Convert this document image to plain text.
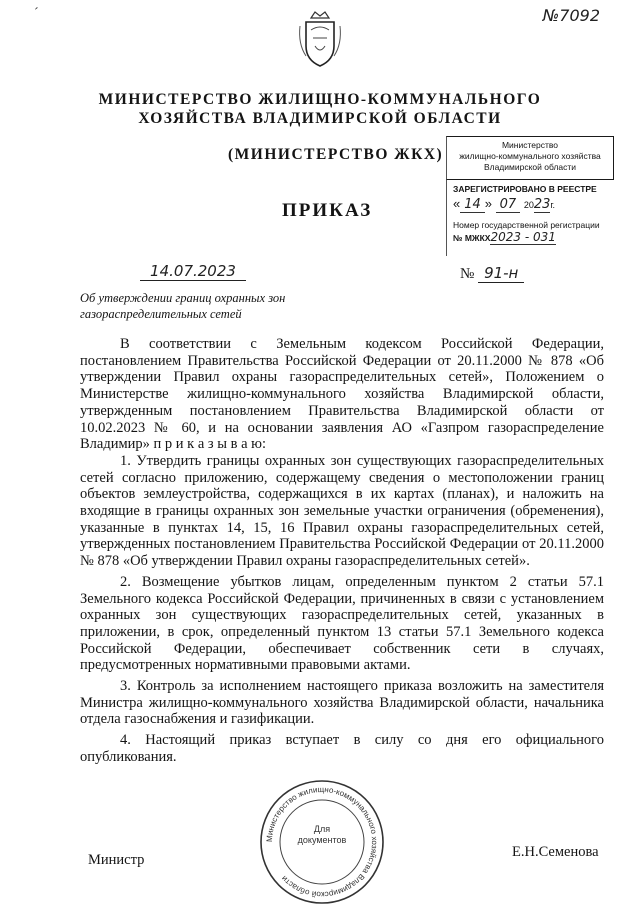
´	№7092
МИНИСТЕРСТВО ЖИЛИЩНО-КОММУНАЛЬНОГО
ХОЗЯЙСТВА ВЛАДИМИРСКОЙ ОБЛАСТИ
(МИНИСТЕРСТВО ЖКХ)
ПРИКАЗ
Министерство
жилищно-коммунального хозяйства
Владимирской области
ЗАРЕГИСТРИРОВАНО В РЕЕСТРЕ
« 14 » 07 2023г.
Номер государственной регистрации
№ МЖКХ2023 - 031
14.07.2023	№ 91-н
Об утверждении границ охранных зон
газораспределительных сетей

В соответствии с Земельным кодексом Российской Федерации, постановлением Правительства Российской Федерации от 20.11.2000 № 878 «Об утверждении Правил охраны газораспределительных сетей», Положением о Министерстве жилищно-коммунального хозяйства Владимирской области, утвержденным постановлением Правительства Владимирской области от 10.02.2023 № 60, и на основании заявления АО «Газпром газораспределение Владимир» п р и к а з ы в а ю:

1. Утвердить границы охранных зон существующих газораспределительных сетей согласно приложению, содержащему сведения о местоположении границ объектов землеустройства, содержащихся в их картах (планах), и наложить на входящие в границы охранных зон земельные участки ограничения (обременения), указанные в пунктах 14, 15, 16 Правил охраны газораспределительных сетей, утвержденных постановлением Правительства Российской Федерации от 20.11.2000 № 878 «Об утверждении Правил охраны газораспределительных сетей».

2. Возмещение убытков лицам, определенным пунктом 2 статьи 57.1 Земельного кодекса Российской Федерации, причиненных в связи с установлением охранных зон существующих газораспределительных сетей, указанных в приложении, в срок, определенный пунктом 13 статьи 57.1 Земельного кодекса Российской Федерации, обеспечивает собственник сети в случаях, предусмотренных нормативными правовыми актами.

3. Контроль за исполнением настоящего приказа возложить на заместителя Министра жилищно-коммунального хозяйства Владимирской области, начальника отдела газоснабжения и газификации.

4. Настоящий приказ вступает в силу со дня его официального опубликования.

Министерство жилищно-коммунального хозяйства Владимирской области
Для
документов
Министр	Е.Н.Семенова
